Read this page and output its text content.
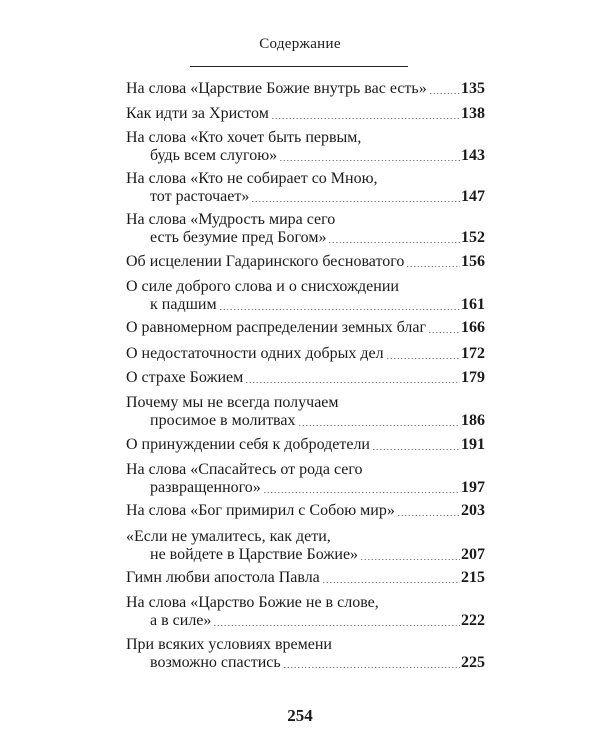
Содержание
На слова «Царствие Божие внутрь вас есть» 135
Как идти за Христом	138
На слова «Кто хочет быть первым,
будь всем слугою»	143
На слова «Кто не собирает со Мною,
тот расточает»	147
На слова «Мудрость мира сего
есть безумие пред Богом»	152
Об исцелении Гадаринского бесноватого	156
О силе доброго слова и о снисхождении
к падшим	161
О равномерном распределении земных благ 166
О недостаточности одних добрых дел	172
О страхе Божием	179
Почему мы не всегда получаем
просимое в молитвах	186
О принуждении себя к добродетели	191
На слова «Спасайтесь от рода сего
развращенного»	197
На слова «Бог примирил с Собою мир»	203
«Если не умалитесь, как дети,
не войдете в Царствие Божие»	207
Гимн любви апостола Павла	215
На слова «Царство Божие не в слове,
а в силе»	222
При всяких условиях времени
возможно спастись	225
254
